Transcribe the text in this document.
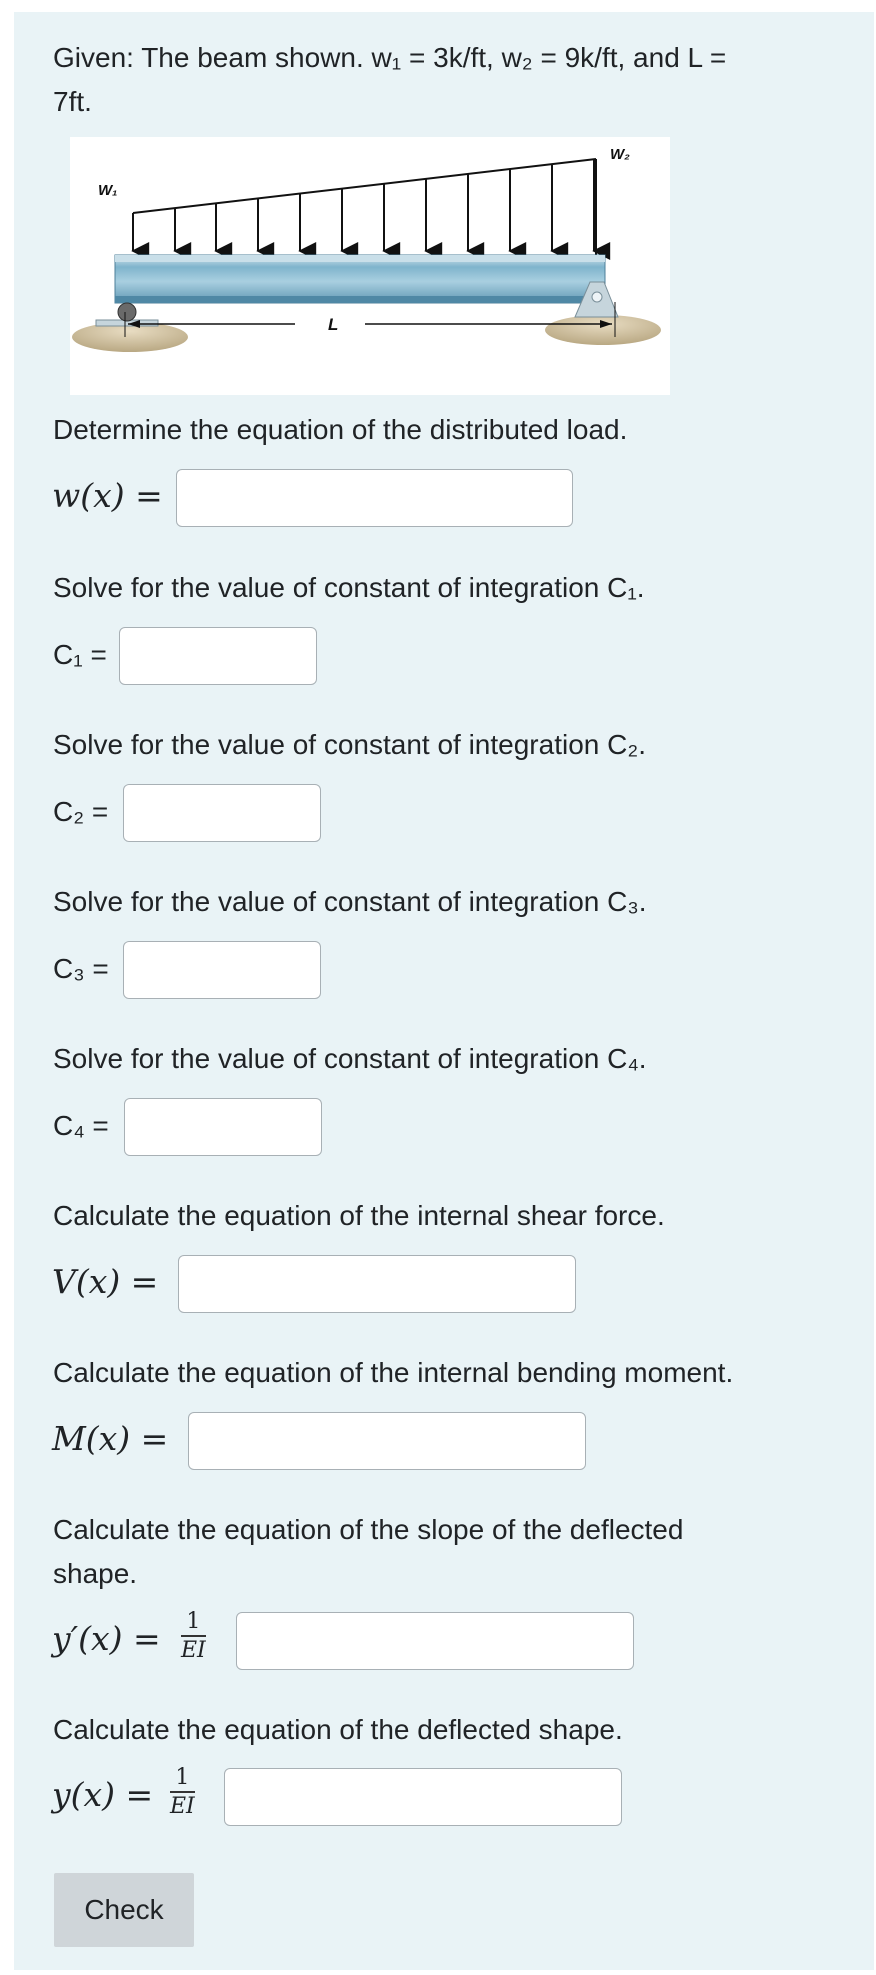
Given: The beam shown. w₁ = 3k/ft, w₂ = 9k/ft, and L =
7ft.
W₁
W₂
L
Determine the equation of the distributed load.
w(x) =
Solve for the value of constant of integration C₁.
C₁ =
Solve for the value of constant of integration C₂.
C₂ =
Solve for the value of constant of integration C₃.
C₃ =
Solve for the value of constant of integration C₄.
C₄ =
Calculate the equation of the internal shear force.
V(x) =
Calculate the equation of the internal bending moment.
M(x) =
Calculate the equation of the slope of the deflected
shape.
$y'(x) = \frac{1}{EI}$
Calculate the equation of the deflected shape.
$y(x) = \frac{1}{EI}$
Check
